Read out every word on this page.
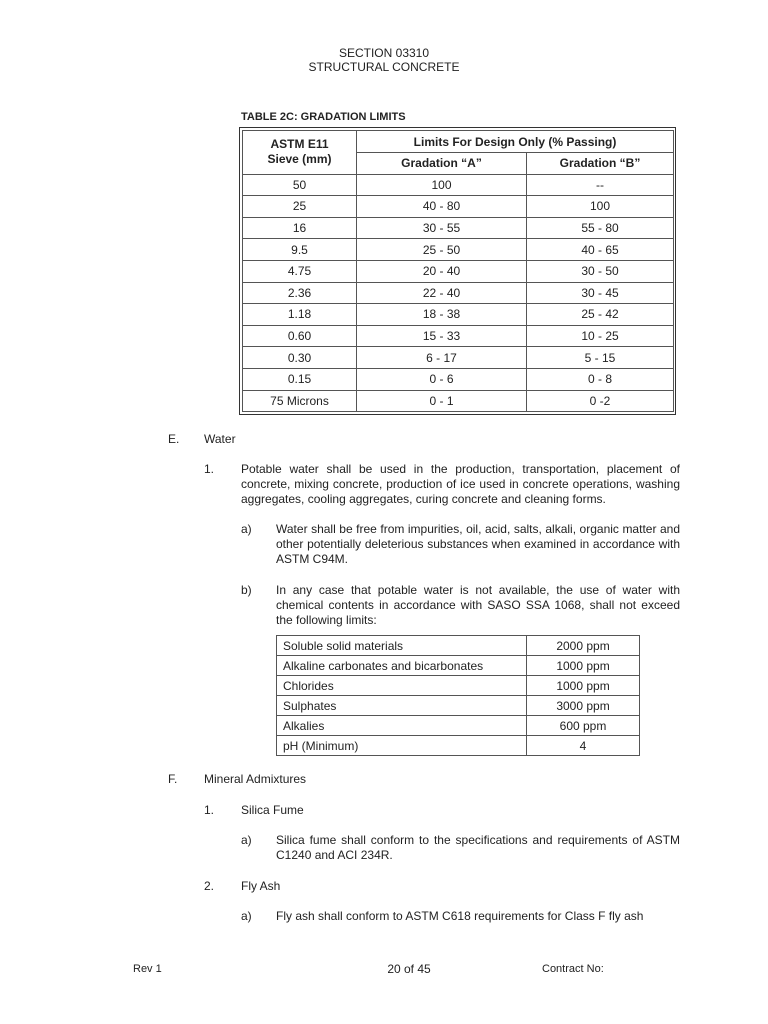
SECTION 03310
STRUCTURAL CONCRETE
TABLE 2C: GRADATION LIMITS
ASTM E11
Sieve (mm)	Limits For Design Only (% Passing)	
	Gradation “A”	Gradation “B”
50	100	--
25	40 - 80	100
16	30 - 55	55 - 80
9.5	25 - 50	40 - 65
4.75	20 - 40	30 - 50
2.36	22 - 40	30 - 45
1.18	18 - 38	25 - 42
0.60	15 - 33	10 - 25
0.30	6 - 17	5 - 15
0.15	0 - 6	0 - 8
75 Microns	0 - 1	0 -2
E. Water
1. Potable water shall be used in the production, transportation, placement of concrete, mixing concrete, production of ice used in concrete operations, washing aggregates, cooling aggregates, curing concrete and cleaning forms.
a) Water shall be free from impurities, oil, acid, salts, alkali, organic matter and other potentially deleterious substances when examined in accordance with ASTM C94M.
b) In any case that potable water is not available, the use of water with chemical contents in accordance with SASO SSA 1068, shall not exceed the following limits:
Soluble solid materials	2000 ppm
Alkaline carbonates and bicarbonates	1000 ppm
Chlorides	1000 ppm
Sulphates	3000 ppm
Alkalies	600 ppm
pH (Minimum)	4
F. Mineral Admixtures
1. Silica Fume
a) Silica fume shall conform to the specifications and requirements of ASTM C1240 and ACI 234R.
2. Fly Ash
a) Fly ash shall conform to ASTM C618 requirements for Class F fly ash
Rev 1	20 of 45	Contract No:
